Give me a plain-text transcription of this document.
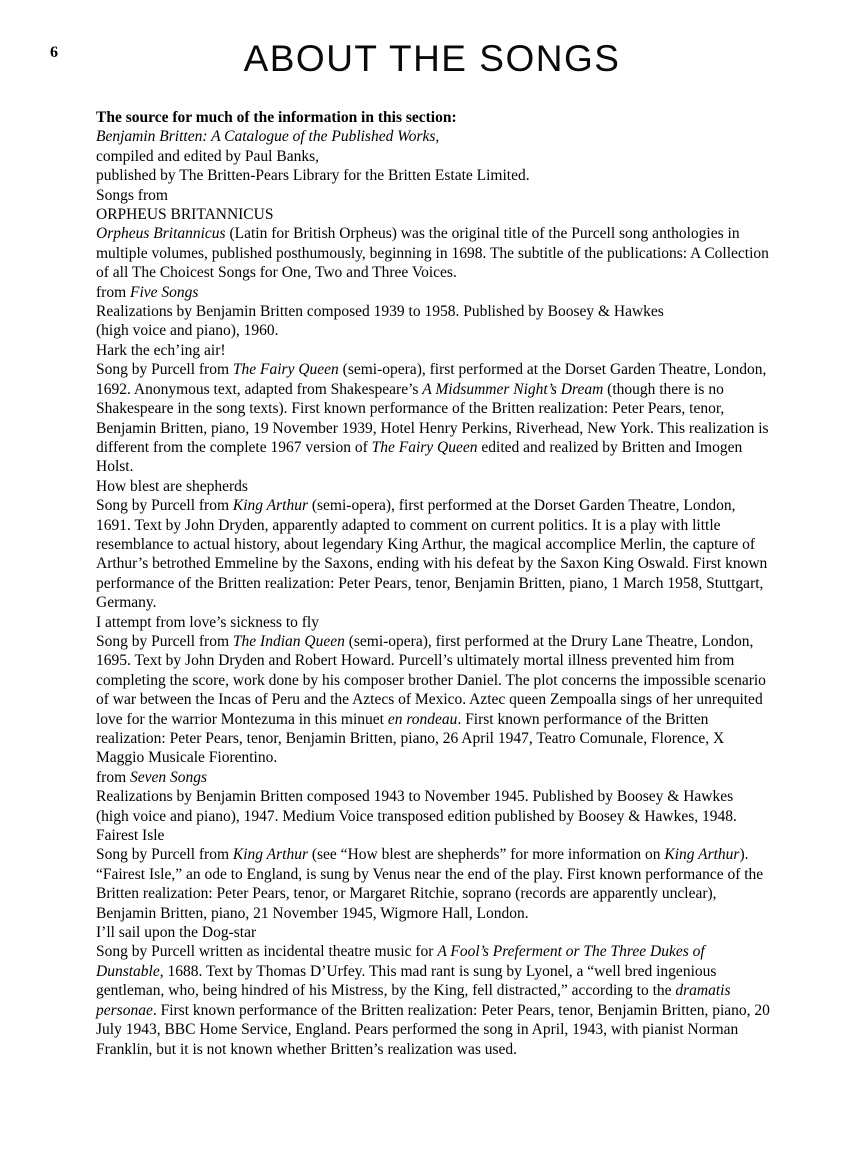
6	ABOUT THE SONGS

The source for much of the information in this section:
Benjamin Britten: A Catalogue of the Published Works,
compiled and edited by Paul Banks,
published by The Britten-Pears Library for the Britten Estate Limited.

Songs from
ORPHEUS BRITANNICUS

Orpheus Britannicus (Latin for British Orpheus) was the original title of the Purcell song anthologies in multiple volumes, published posthumously, beginning in 1698. The subtitle of the publications: A Collection of all The Choicest Songs for One, Two and Three Voices.

from Five Songs

Realizations by Benjamin Britten composed 1939 to 1958. Published by Boosey & Hawkes
(high voice and piano), 1960.

Hark the ech’ing air!

Song by Purcell from The Fairy Queen (semi-opera), first performed at the Dorset Garden Theatre, London, 1692. Anonymous text, adapted from Shakespeare’s A Midsummer Night’s Dream (though there is no Shakespeare in the song texts). First known performance of the Britten realization: Peter Pears, tenor, Benjamin Britten, piano, 19 November 1939, Hotel Henry Perkins, Riverhead, New York. This realization is different from the complete 1967 version of The Fairy Queen edited and realized by Britten and Imogen Holst.

How blest are shepherds

Song by Purcell from King Arthur (semi-opera), first performed at the Dorset Garden Theatre, London, 1691. Text by John Dryden, apparently adapted to comment on current politics. It is a play with little resemblance to actual history, about legendary King Arthur, the magical accomplice Merlin, the capture of Arthur’s betrothed Emmeline by the Saxons, ending with his defeat by the Saxon King Oswald. First known performance of the Britten realization: Peter Pears, tenor, Benjamin Britten, piano, 1 March 1958, Stuttgart, Germany.

I attempt from love’s sickness to fly

Song by Purcell from The Indian Queen (semi-opera), first performed at the Drury Lane Theatre, London, 1695. Text by John Dryden and Robert Howard. Purcell’s ultimately mortal illness prevented him from completing the score, work done by his composer brother Daniel. The plot concerns the impossible scenario of war between the Incas of Peru and the Aztecs of Mexico. Aztec queen Zempoalla sings of her unrequited love for the warrior Montezuma in this minuet en rondeau. First known performance of the Britten realization: Peter Pears, tenor, Benjamin Britten, piano, 26 April 1947, Teatro Comunale, Florence, X Maggio Musicale Fiorentino.

from Seven Songs

Realizations by Benjamin Britten composed 1943 to November 1945. Published by Boosey & Hawkes
(high voice and piano), 1947. Medium Voice transposed edition published by Boosey & Hawkes, 1948.

Fairest Isle

Song by Purcell from King Arthur (see “How blest are shepherds” for more information on King Arthur). “Fairest Isle,” an ode to England, is sung by Venus near the end of the play. First known performance of the Britten realization: Peter Pears, tenor, or Margaret Ritchie, soprano (records are apparently unclear), Benjamin Britten, piano, 21 November 1945, Wigmore Hall, London.

I’ll sail upon the Dog-star

Song by Purcell written as incidental theatre music for A Fool’s Preferment or The Three Dukes of Dunstable, 1688. Text by Thomas D’Urfey. This mad rant is sung by Lyonel, a “well bred ingenious gentleman, who, being hindred of his Mistress, by the King, fell distracted,” according to the dramatis personae. First known performance of the Britten realization: Peter Pears, tenor, Benjamin Britten, piano, 20 July 1943, BBC Home Service, England. Pears performed the song in April, 1943, with pianist Norman Franklin, but it is not known whether Britten’s realization was used.
